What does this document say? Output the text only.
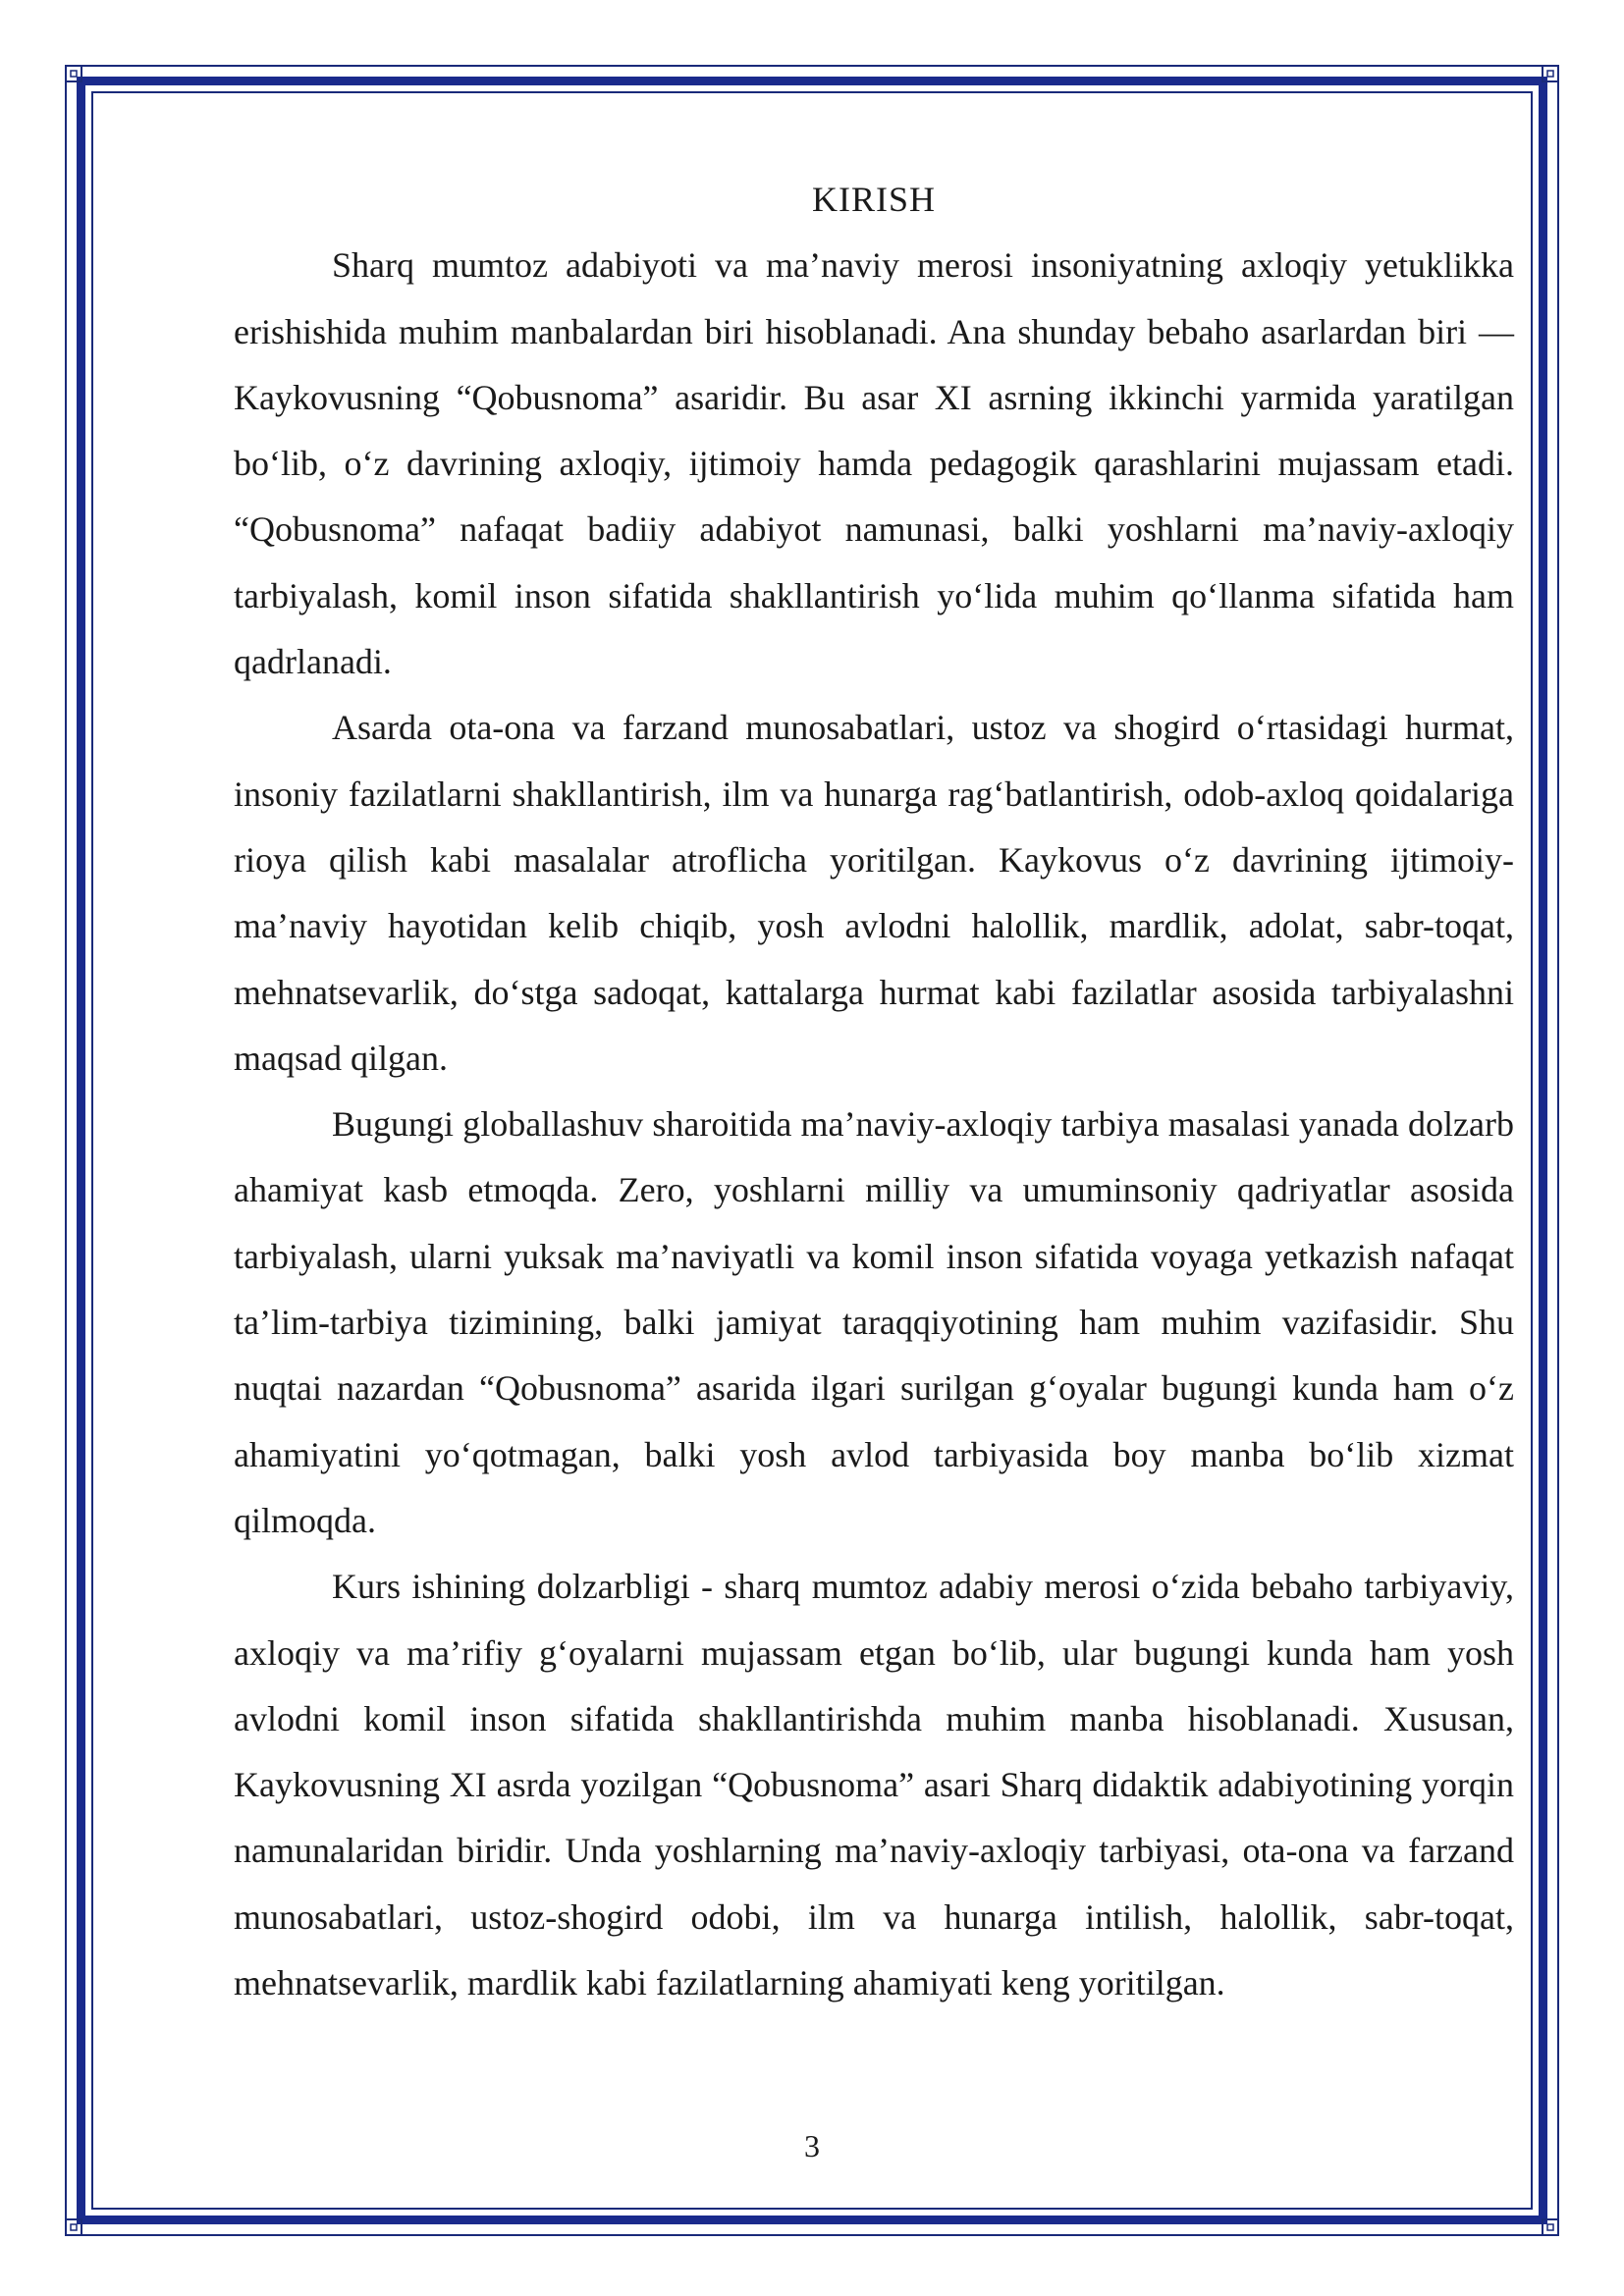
KIRISH

Sharq mumtoz adabiyoti va ma’naviy merosi insoniyatning axloqiy yetuklikka erishishida muhim manbalardan biri hisoblanadi. Ana shunday bebaho asarlardan biri — Kaykovusning “Qobusnoma” asaridir. Bu asar XI asrning ikkinchi yarmida yaratilgan bo‘lib, o‘z davrining axloqiy, ijtimoiy hamda pedagogik qarashlarini mujassam etadi. “Qobusnoma” nafaqat badiiy adabiyot namunasi, balki yoshlarni ma’naviy-axloqiy tarbiyalash, komil inson sifatida shakllantirish yo‘lida muhim qo‘llanma sifatida ham qadrlanadi.

Asarda ota-ona va farzand munosabatlari, ustoz va shogird o‘rtasidagi hurmat, insoniy fazilatlarni shakllantirish, ilm va hunarga rag‘batlantirish, odob-axloq qoidalariga rioya qilish kabi masalalar atroflicha yoritilgan. Kaykovus o‘z davrining ijtimoiy-ma’naviy hayotidan kelib chiqib, yosh avlodni halollik, mardlik, adolat, sabr-toqat, mehnatsevarlik, do‘stga sadoqat, kattalarga hurmat kabi fazilatlar asosida tarbiyalashni maqsad qilgan.

Bugungi globallashuv sharoitida ma’naviy-axloqiy tarbiya masalasi yanada dolzarb ahamiyat kasb etmoqda. Zero, yoshlarni milliy va umuminsoniy qadriyatlar asosida tarbiyalash, ularni yuksak ma’naviyatli va komil inson sifatida voyaga yetkazish nafaqat ta’lim-tarbiya tizimining, balki jamiyat taraqqiyotining ham muhim vazifasidir. Shu nuqtai nazardan “Qobusnoma” asarida ilgari surilgan g‘oyalar bugungi kunda ham o‘z ahamiyatini yo‘qotmagan, balki yosh avlod tarbiyasida boy manba bo‘lib xizmat qilmoqda.

Kurs ishining dolzarbligi - sharq mumtoz adabiy merosi o‘zida bebaho tarbiyaviy, axloqiy va ma’rifiy g‘oyalarni mujassam etgan bo‘lib, ular bugungi kunda ham yosh avlodni komil inson sifatida shakllantirishda muhim manba hisoblanadi. Xususan, Kaykovusning XI asrda yozilgan “Qobusnoma” asari Sharq didaktik adabiyotining yorqin namunalaridan biridir. Unda yoshlarning ma’naviy-axloqiy tarbiyasi, ota-ona va farzand munosabatlari, ustoz-shogird odobi, ilm va hunarga intilish, halollik, sabr-toqat, mehnatsevarlik, mardlik kabi fazilatlarning ahamiyati keng yoritilgan.

3
